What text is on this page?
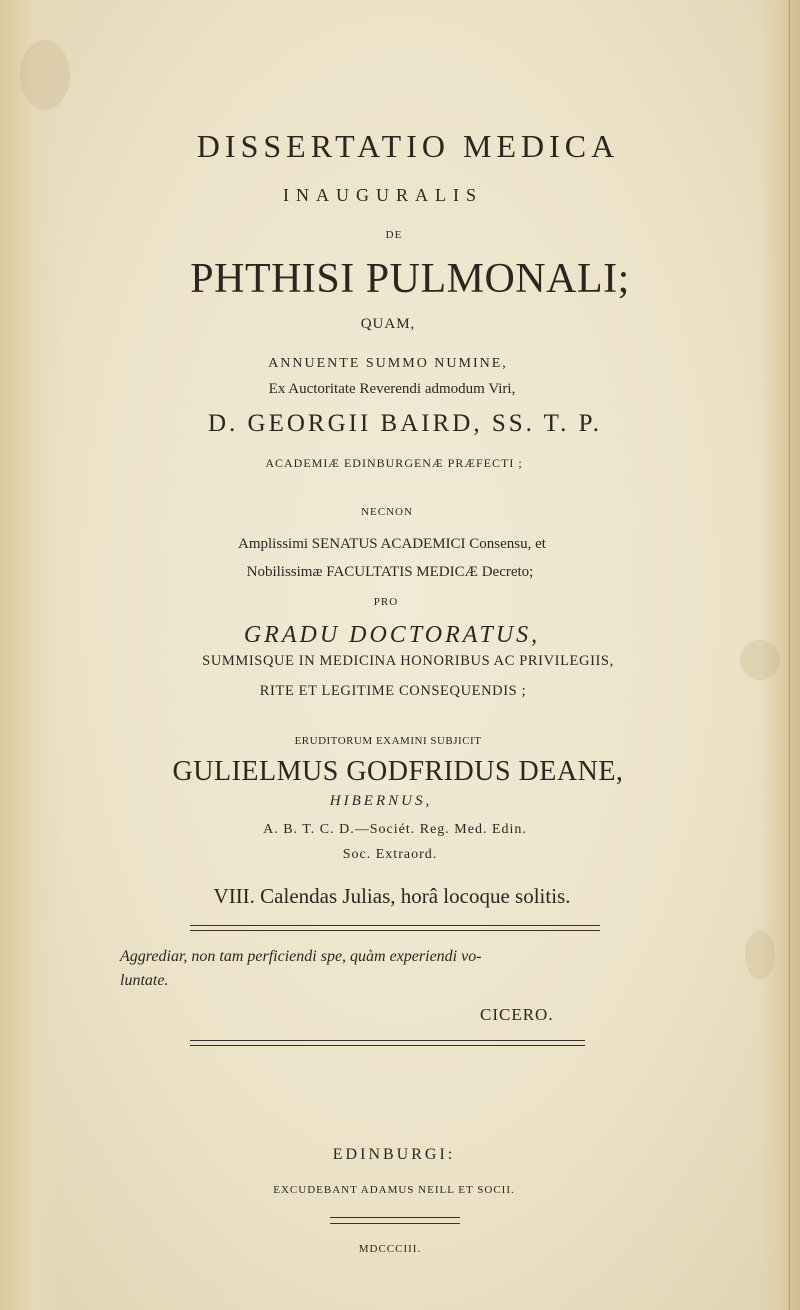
DISSERTATIO MEDICA
INAUGURALIS
DE
PHTHISI PULMONALI;
QUAM,
ANNUENTE SUMMO NUMINE,
Ex Auctoritate Reverendi admodum Viri,
D. GEORGII BAIRD, SS. T. P.
ACADEMIÆ EDINBURGENÆ PRÆFECTI ;
NECNON
Amplissimi SENATUS ACADEMICI Consensu, et
Nobilissimæ FACULTATIS MEDICÆ Decreto;
PRO
GRADU DOCTORATUS,
SUMMISQUE IN MEDICINA HONORIBUS AC PRIVILEGIIS,
RITE ET LEGITIME CONSEQUENDIS ;
ERUDITORUM EXAMINI SUBJICIT
GULIELMUS GODFRIDUS DEANE,
HIBERNUS,
A. B. T. C. D.—Sociét. Reg. Med. Edin.
Soc. Extraord.
VIII. Calendas Julias, horâ locoque solitis.
Aggrediar, non tam perficiendi spe, quàm experiendi vo-
luntate.
CICERO.
EDINBURGI:
EXCUDEBANT ADAMUS NEILL ET SOCII.
MDCCCIII.
